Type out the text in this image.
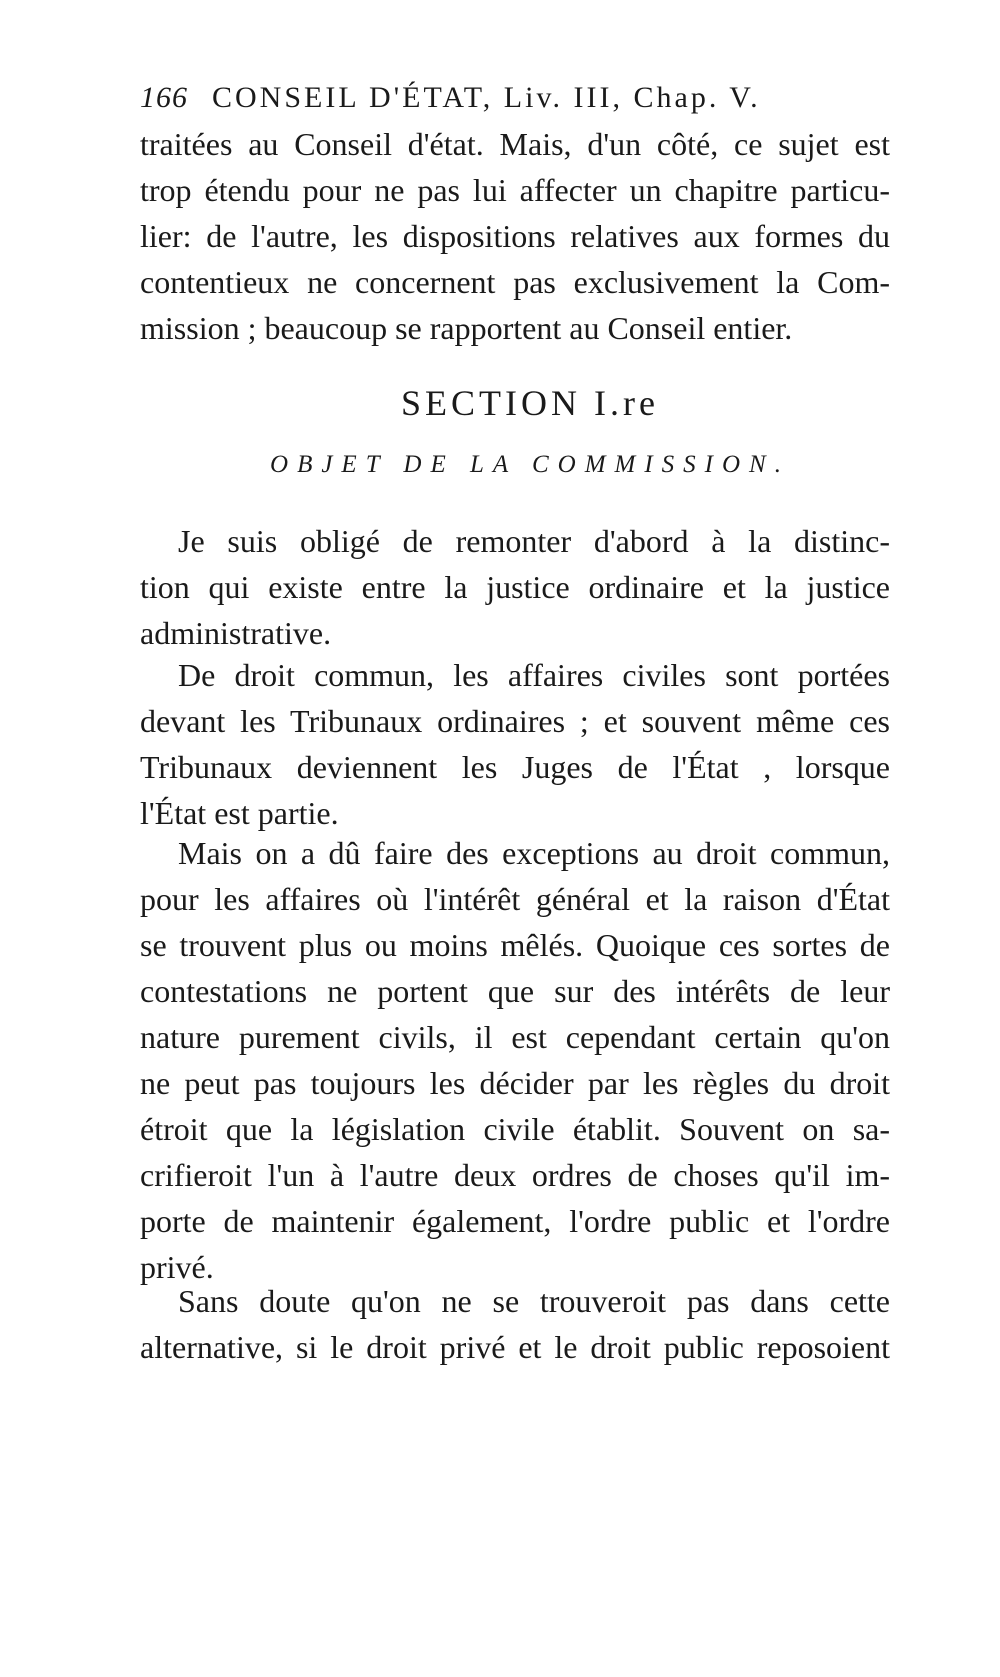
166 CONSEIL D'ÉTAT, Liv. III, Chap. V.
traitées au Conseil d'état. Mais, d'un côté, ce sujet est
trop étendu pour ne pas lui affecter un chapitre particu-
lier: de l'autre, les dispositions relatives aux formes du
contentieux ne concernent pas exclusivement la Com-
mission ; beaucoup se rapportent au Conseil entier.
SECTION I.re
OBJET DE LA COMMISSION.
Je suis obligé de remonter d'abord à la distinc-
tion qui existe entre la justice ordinaire et la justice
administrative.
De droit commun, les affaires civiles sont portées
devant les Tribunaux ordinaires ; et souvent même ces
Tribunaux deviennent les Juges de l'État , lorsque
l'État est partie.
Mais on a dû faire des exceptions au droit commun,
pour les affaires où l'intérêt général et la raison d'État
se trouvent plus ou moins mêlés. Quoique ces sortes de
contestations ne portent que sur des intérêts de leur
nature purement civils, il est cependant certain qu'on
ne peut pas toujours les décider par les règles du droit
étroit que la législation civile établit. Souvent on sa-
crifieroit l'un à l'autre deux ordres de choses qu'il im-
porte de maintenir également, l'ordre public et l'ordre
privé.
Sans doute qu'on ne se trouveroit pas dans cette
alternative, si le droit privé et le droit public reposoient
